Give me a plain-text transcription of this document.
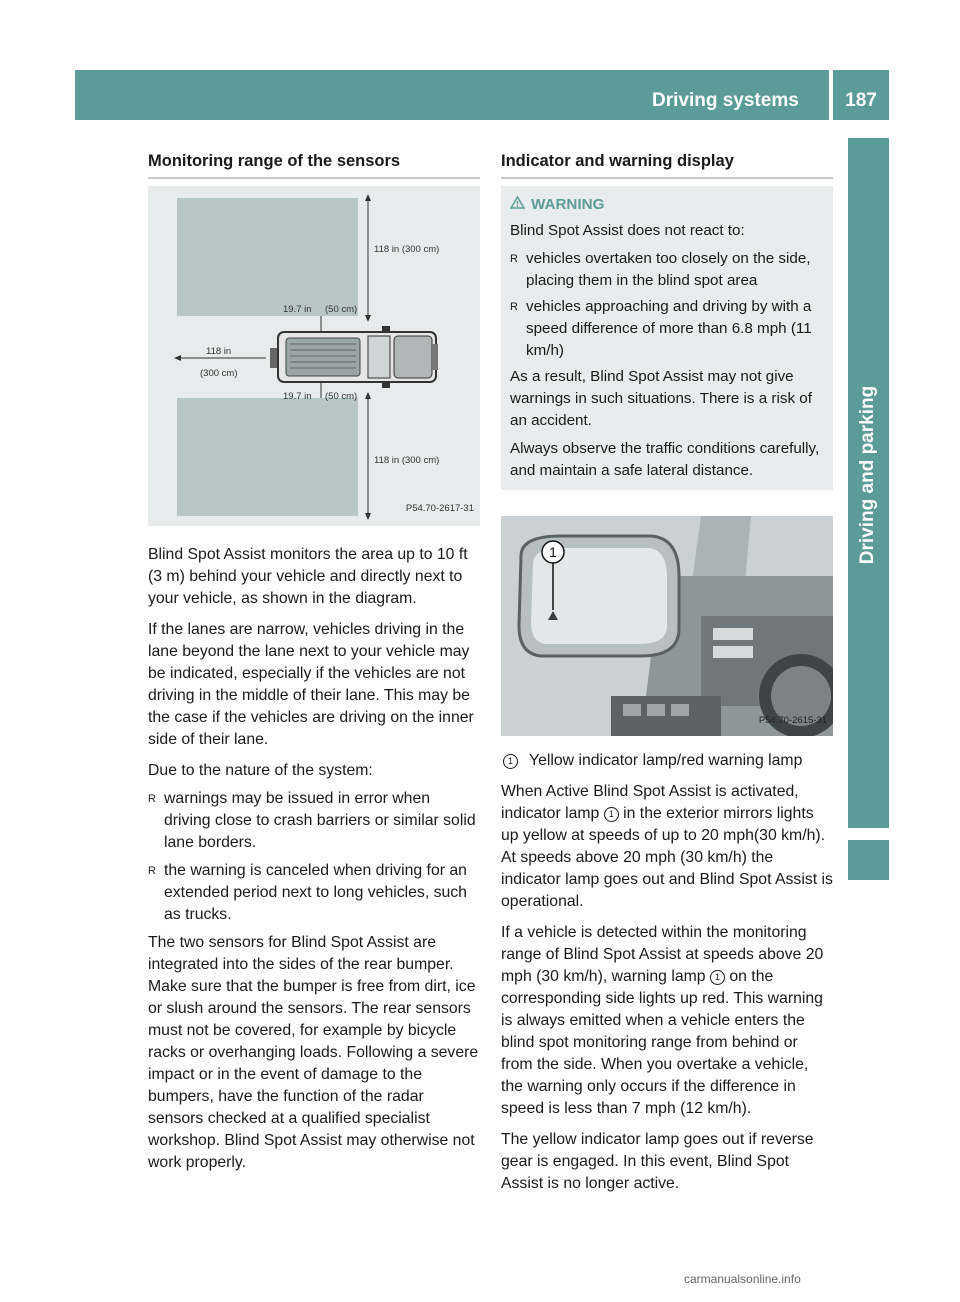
Driving systems	187
Driving and parking
Monitoring range of the sensors
118 in (300 cm)
19.7 in (50 cm)
118 in
(300 cm)
19.7 in (50 cm)
118 in (300 cm)
P54.70-2617-31

Blind Spot Assist monitors the area up to 10 ft (3 m) behind your vehicle and directly next to your vehicle, as shown in the diagram.

If the lanes are narrow, vehicles driving in the lane beyond the lane next to your vehicle may be indicated, especially if the vehicles are not driving in the middle of their lane. This may be the case if the vehicles are driving on the inner side of their lane.

Due to the nature of the system:

R warnings may be issued in error when driving close to crash barriers or similar solid lane borders.
R the warning is canceled when driving for an extended period next to long vehicles, such as trucks.

The two sensors for Blind Spot Assist are integrated into the sides of the rear bumper. Make sure that the bumper is free from dirt, ice or slush around the sensors. The rear sensors must not be covered, for example by bicycle racks or overhanging loads. Following a severe impact or in the event of damage to the bumpers, have the function of the radar sensors checked at a qualified specialist workshop. Blind Spot Assist may otherwise not work properly.

Indicator and warning display
WARNING

Blind Spot Assist does not react to:

R vehicles overtaken too closely on the side, placing them in the blind spot area
R vehicles approaching and driving by with a speed difference of more than 6.8 mph (11 km/h)

As a result, Blind Spot Assist may not give warnings in such situations. There is a risk of an accident.

Always observe the traffic conditions carefully, and maintain a safe lateral distance.

1
P54.70-2615-31

1	Yellow indicator lamp/red warning lamp

When Active Blind Spot Assist is activated, indicator lamp 1 in the exterior mirrors lights up yellow at speeds of up to 20 mph(30 km/h). At speeds above 20 mph (30 km/h) the indicator lamp goes out and Blind Spot Assist is operational.

If a vehicle is detected within the monitoring range of Blind Spot Assist at speeds above 20 mph (30 km/h), warning lamp 1 on the corresponding side lights up red. This warning is always emitted when a vehicle enters the blind spot monitoring range from behind or from the side. When you overtake a vehicle, the warning only occurs if the difference in speed is less than 7 mph (12 km/h).

The yellow indicator lamp goes out if reverse gear is engaged. In this event, Blind Spot Assist is no longer active.

carmanualsonline.info
